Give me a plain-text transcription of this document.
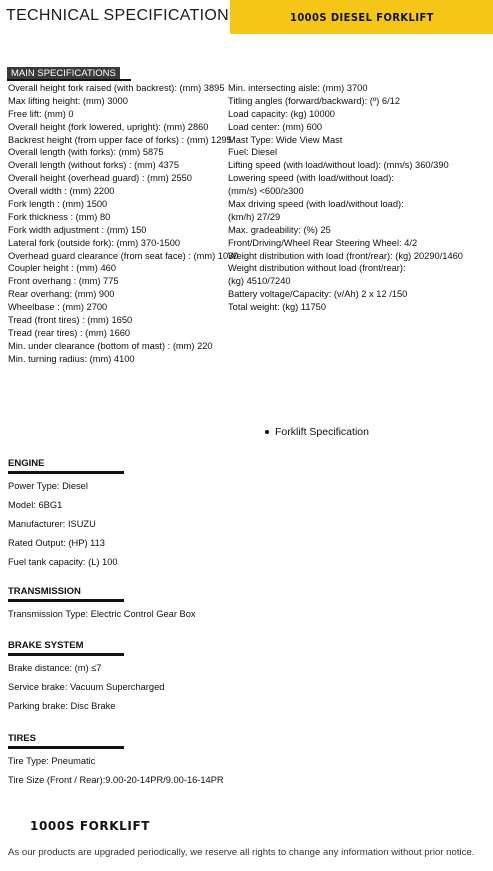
TECHNICAL SPECIFICATION	1000S DIESEL FORKLIFT
MAIN SPECIFICATIONS
Overall height fork raised (with backrest): (mm) 3895
Max lifting height: (mm) 3000
Free lift: (mm) 0
Overall height (fork lowered, upright): (mm) 2860
Backrest height (from upper face of forks) : (mm) 1295
Overall length (with forks): (mm) 5875
Overall length (without forks) : (mm) 4375
Overall height (overhead guard) : (mm) 2550
Overall width : (mm) 2200
Fork length : (mm) 1500
Fork thickness : (mm) 80
Fork width adjustment : (mm) 150
Lateral fork (outside fork): (mm) 370-1500
Overhead guard clearance (from seat face) : (mm) 1030
Coupler height : (mm) 460
Front overhang : (mm) 775
Rear overhang: (mm) 900
Wheelbase : (mm) 2700
Tread (front tires) : (mm) 1650
Tread (rear tires) : (mm) 1660
Min. under clearance (bottom of mast) : (mm) 220
Min. turning radius: (mm) 4100
Min. intersecting aisle: (mm) 3700
Titling angles (forward/backward): (º) 6/12
Load capacity: (kg) 10000
Load center: (mm) 600
Mast Type: Wide View Mast
Fuel: Diesel
Lifting speed (with load/without load): (mm/s) 360/390
Lowering speed (with load/without load):
(mm/s) <600/≥300
Max driving speed (with load/without load):
(km/h) 27/29
Max. gradeability: (%) 25
Front/Driving/Wheel Rear Steering Wheel: 4/2
Weight distribution with load (front/rear): (kg) 20290/1460
Weight distribution without load (front/rear):
(kg) 4510/7240
Battery voltage/Capacity: (v/Ah) 2 x 12 /150
Total weight: (kg) 11750
Forklift Specification
ENGINE
Power Type: Diesel
Model: 6BG1
Manufacturer: ISUZU
Rated Output: (HP) 113
Fuel tank capacity: (L) 100
TRANSMISSION
Transmission Type: Electric Control Gear Box
BRAKE SYSTEM
Brake distance: (m) ≤7
Service brake: Vacuum Supercharged
Parking brake: Disc Brake
TIRES
Tire Type: Pneumatic
Tire Size (Front / Rear):9.00-20-14PR/9.00-16-14PR
1000S FORKLIFT
As our products are upgraded periodically, we reserve all rights to change any information without prior notice.
